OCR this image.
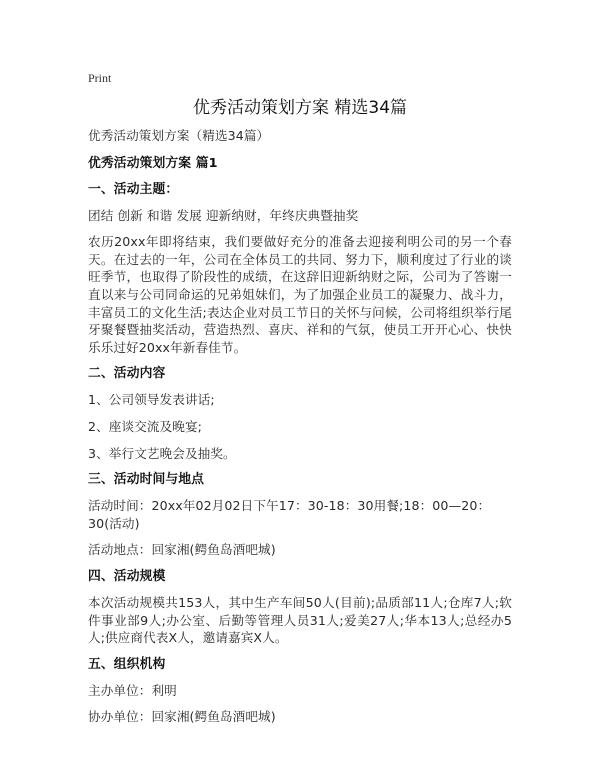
Print
优秀活动策划方案 精选34篇

优秀活动策划方案（精选34篇）

优秀活动策划方案 篇1

一、活动主题：

团结 创新 和谐 发展 迎新纳财，年终庆典暨抽奖

农历20xx年即将结束，我们要做好充分的准备去迎接利明公司的另一个春天。在过去的一年，公司在全体员工的共同、努力下，顺利度过了行业的谈旺季节，也取得了阶段性的成绩，在这辞旧迎新纳财之际，公司为了答谢一直以来与公司同命运的兄弟姐妹们，为了加强企业员工的凝聚力、战斗力，丰富员工的文化生活;表达企业对员工节日的关怀与问候，公司将组织举行尾牙聚餐暨抽奖活动，营造热烈、喜庆、祥和的气氛，使员工开开心心、快快乐乐过好20xx年新春佳节。

二、活动内容

1、公司领导发表讲话;

2、座谈交流及晚宴;

3、举行文艺晚会及抽奖。

三、活动时间与地点

活动时间：20xx年02月02日下午17：30-18：30用餐;18：00—20：30(活动)

活动地点：回家湘(鳄鱼岛酒吧城)

四、活动规模

本次活动规模共153人，其中生产车间50人(目前);品质部11人;仓库7人;软件事业部9人;办公室、后勤等管理人员31人;爱美27人;华本13人;总经办5人;供应商代表X人，邀请嘉宾X人。

五、组织机构

主办单位：利明

协办单位：回家湘(鳄鱼岛酒吧城)
